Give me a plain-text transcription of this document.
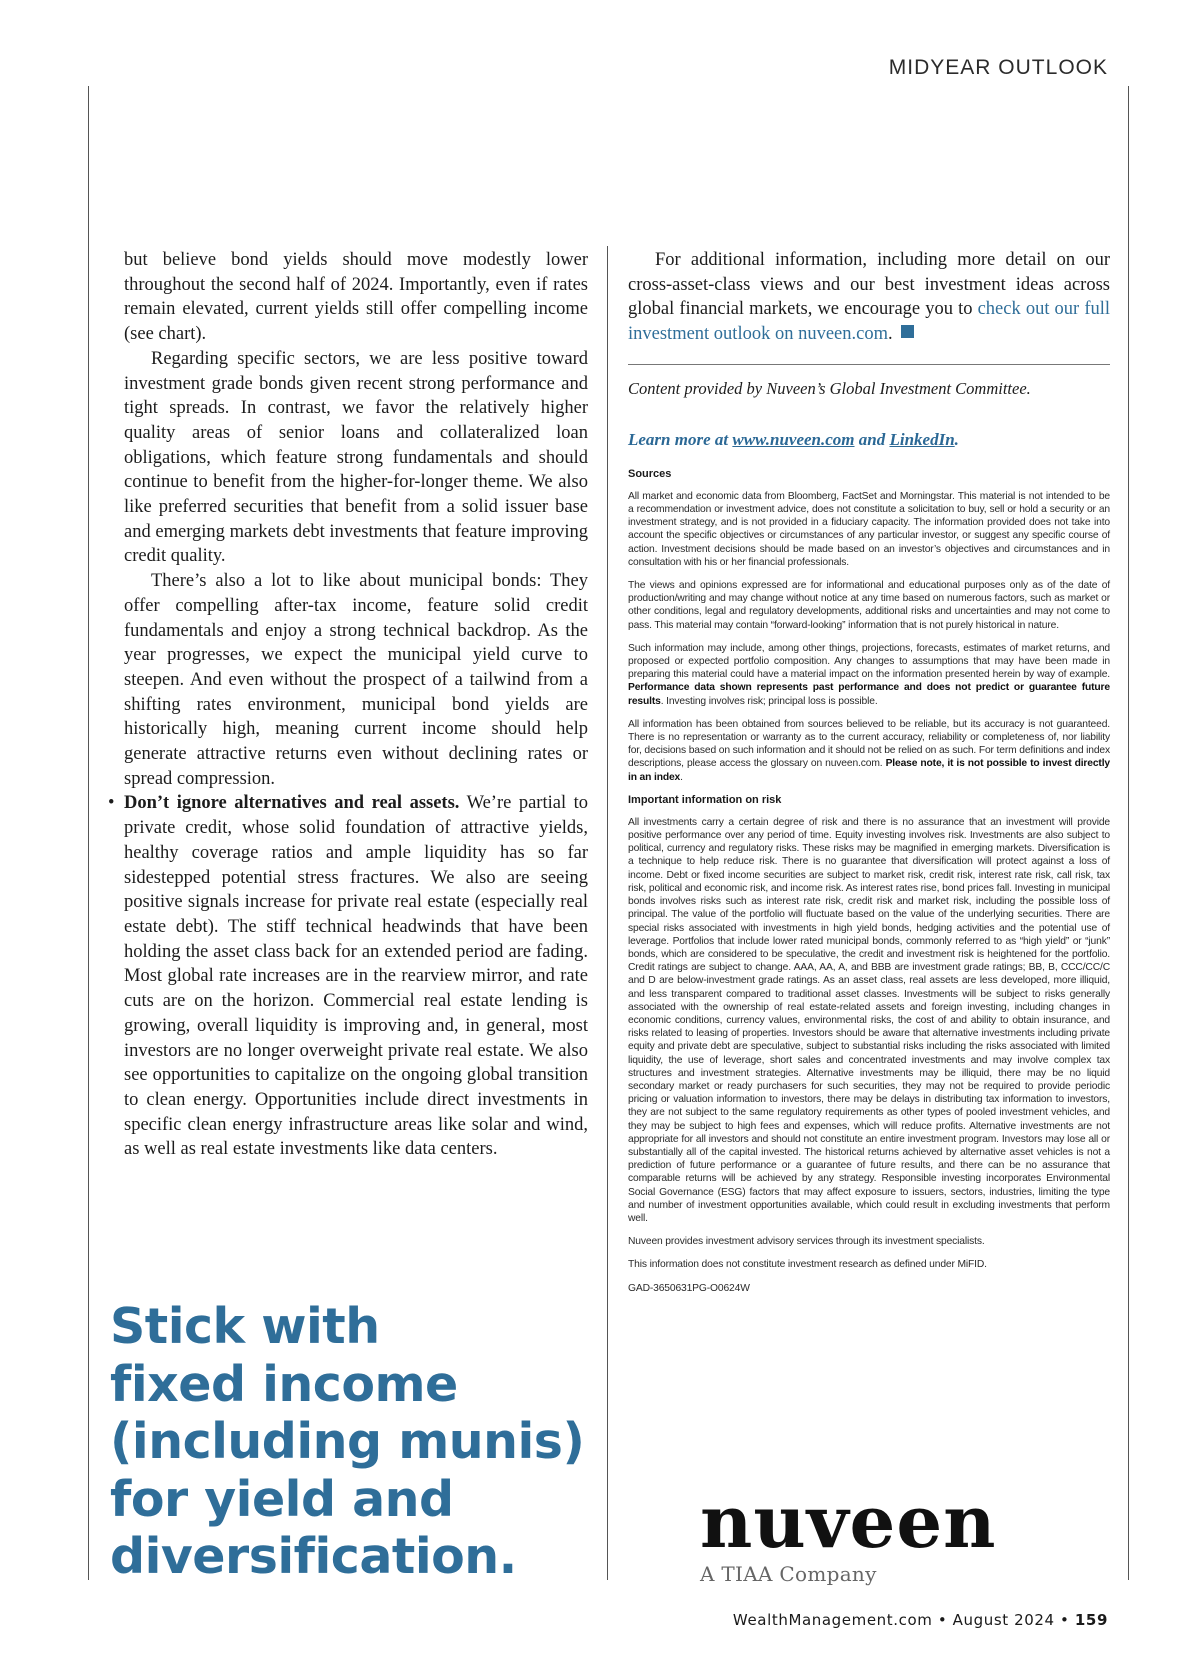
MIDYEAR OUTLOOK

but believe bond yields should move modestly lower throughout the second half of 2024. Importantly, even if rates remain elevated, current yields still offer compelling income (see chart).

Regarding specific sectors, we are less positive toward investment grade bonds given recent strong performance and tight spreads. In contrast, we favor the relatively higher quality areas of senior loans and collateralized loan obligations, which feature strong fundamentals and should continue to benefit from the higher-for-longer theme. We also like preferred securities that benefit from a solid issuer base and emerging markets debt investments that feature improving credit quality.

There’s also a lot to like about municipal bonds: They offer compelling after-tax income, feature solid credit fundamentals and enjoy a strong technical backdrop. As the year progresses, we expect the municipal yield curve to steepen. And even without the prospect of a tailwind from a shifting rates environment, municipal bond yields are historically high, meaning current income should help generate attractive returns even without declining rates or spread compression.

• Don’t ignore alternatives and real assets. We’re partial to private credit, whose solid foundation of attractive yields, healthy coverage ratios and ample liquidity has so far sidestepped potential stress fractures. We also are seeing positive signals increase for private real estate (especially real estate debt). The stiff technical headwinds that have been holding the asset class back for an extended period are fading. Most global rate increases are in the rearview mirror, and rate cuts are on the horizon. Commercial real estate lending is growing, overall liquidity is improving and, in general, most investors are no longer overweight private real estate. We also see opportunities to capitalize on the ongoing global transition to clean energy. Opportunities include direct investments in specific clean energy infrastructure areas like solar and wind, as well as real estate investments like data centers.

Stick with
fixed income
(including munis)
for yield and
diversification.

For additional information, including more detail on our cross-asset-class views and our best investment ideas across global financial markets, we encourage you to check out our full investment outlook on nuveen.com.

Content provided by Nuveen’s Global Investment Committee.

Learn more at www.nuveen.com and LinkedIn.

Sources

All market and economic data from Bloomberg, FactSet and Morningstar. This material is not intended to be a recommendation or investment advice, does not constitute a solicitation to buy, sell or hold a security or an investment strategy, and is not provided in a fiduciary capacity. The information provided does not take into account the specific objectives or circumstances of any particular investor, or suggest any specific course of action. Investment decisions should be made based on an investor’s objectives and circumstances and in consultation with his or her financial professionals.

The views and opinions expressed are for informational and educational purposes only as of the date of production/writing and may change without notice at any time based on numerous factors, such as market or other conditions, legal and regulatory developments, additional risks and uncertainties and may not come to pass. This material may contain “forward-looking” information that is not purely historical in nature.

Such information may include, among other things, projections, forecasts, estimates of market returns, and proposed or expected portfolio composition. Any changes to assumptions that may have been made in preparing this material could have a material impact on the information presented herein by way of example. Performance data shown represents past performance and does not predict or guarantee future results. Investing involves risk; principal loss is possible.

All information has been obtained from sources believed to be reliable, but its accuracy is not guaranteed. There is no representation or warranty as to the current accuracy, reliability or completeness of, nor liability for, decisions based on such information and it should not be relied on as such. For term definitions and index descriptions, please access the glossary on nuveen.com. Please note, it is not possible to invest directly in an index.

Important information on risk

All investments carry a certain degree of risk and there is no assurance that an investment will provide positive performance over any period of time. Equity investing involves risk. Investments are also subject to political, currency and regulatory risks. These risks may be magnified in emerging markets. Diversification is a technique to help reduce risk. There is no guarantee that diversification will protect against a loss of income. Debt or fixed income securities are subject to market risk, credit risk, interest rate risk, call risk, tax risk, political and economic risk, and income risk. As interest rates rise, bond prices fall. Investing in municipal bonds involves risks such as interest rate risk, credit risk and market risk, including the possible loss of principal. The value of the portfolio will fluctuate based on the value of the underlying securities. There are special risks associated with investments in high yield bonds, hedging activities and the potential use of leverage. Portfolios that include lower rated municipal bonds, commonly referred to as “high yield” or “junk” bonds, which are considered to be speculative, the credit and investment risk is heightened for the portfolio. Credit ratings are subject to change. AAA, AA, A, and BBB are investment grade ratings; BB, B, CCC/CC/C and D are below-investment grade ratings. As an asset class, real assets are less developed, more illiquid, and less transparent compared to traditional asset classes. Investments will be subject to risks generally associated with the ownership of real estate-related assets and foreign investing, including changes in economic conditions, currency values, environmental risks, the cost of and ability to obtain insurance, and risks related to leasing of properties. Investors should be aware that alternative investments including private equity and private debt are speculative, subject to substantial risks including the risks associated with limited liquidity, the use of leverage, short sales and concentrated investments and may involve complex tax structures and investment strategies. Alternative investments may be illiquid, there may be no liquid secondary market or ready purchasers for such securities, they may not be required to provide periodic pricing or valuation information to investors, there may be delays in distributing tax information to investors, they are not subject to the same regulatory requirements as other types of pooled investment vehicles, and they may be subject to high fees and expenses, which will reduce profits. Alternative investments are not appropriate for all investors and should not constitute an entire investment program. Investors may lose all or substantially all of the capital invested. The historical returns achieved by alternative asset vehicles is not a prediction of future performance or a guarantee of future results, and there can be no assurance that comparable returns will be achieved by any strategy. Responsible investing incorporates Environmental Social Governance (ESG) factors that may affect exposure to issuers, sectors, industries, limiting the type and number of investment opportunities available, which could result in excluding investments that perform well.

Nuveen provides investment advisory services through its investment specialists.

This information does not constitute investment research as defined under MiFID.

GAD-3650631PG-O0624W

nuveen
A TIAA Company
WealthManagement.com • August 2024 • 159
